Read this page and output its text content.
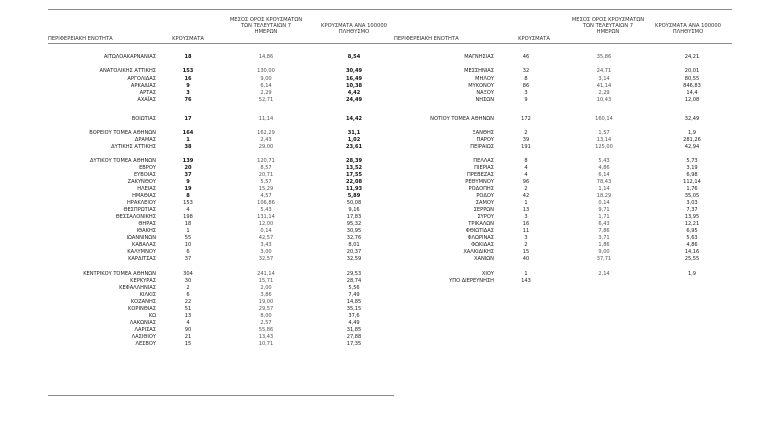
ΠΕΡΙΦΕΡΕΙΑΚΗ ΕΝΟΤΗΤΑ	ΚΡΟΥΣΜΑΤΑ
ΜΕΣΟΣ ΟΡΟΣ ΚΡΟΥΣΜΑΤΩΝ
ΤΩΝ ΤΕΛΕΥΤΑΙΩΝ 7
ΗΜΕΡΩΝ
ΚΡΟΥΣΜΑΤΑ ΑΝΑ 100000
ΠΛΗΘΥΣΜΟ
ΠΕΡΙΦΕΡΕΙΑΚΗ ΕΝΟΤΗΤΑ	ΚΡΟΥΣΜΑΤΑ
ΜΕΣΟΣ ΟΡΟΣ ΚΡΟΥΣΜΑΤΩΝ
ΤΩΝ ΤΕΛΕΥΤΑΙΩΝ 7
ΗΜΕΡΩΝ
ΚΡΟΥΣΜΑΤΑ ΑΝΑ 100000
ΠΛΗΘΥΣΜΟ
ΑΙΤΩΛΟΑΚΑΡΝΑΝΙΑΣ	18	14,86	8,54
ΑΝΑΤΟΛΙΚΗΣ ΑΤΤΙΚΗΣ	153	130,00	30,49
ΑΡΓΟΛΙΔΑΣ	16	9,00	16,49
ΑΡΚΑΔΙΑΣ	9	6,14	10,38
ΑΡΤΑΣ	3	2,29	4,42
ΑΧΑΪΑΣ	76	52,71	24,49
ΒΟΙΩΤΙΑΣ	17	11,14	14,42
ΒΟΡΕΙΟΥ ΤΟΜΕΑ ΑΘΗΝΩΝ	164	162,29	31,1
ΔΡΑΜΑΣ	1	2,43	1,02
ΔΥΤΙΚΗΣ ΑΤΤΙΚΗΣ	38	29,00	23,61
ΔΥΤΙΚΟΥ ΤΟΜΕΑ ΑΘΗΝΩΝ	139	120,71	28,39
ΕΒΡΟΥ	20	8,57	13,52
ΕΥΒΟΙΑΣ	37	20,71	17,55
ΖΑΚΥΝΘΟΥ	9	5,57	22,08
ΗΛΕΙΑΣ	19	15,29	11,93
ΗΜΑΘΙΑΣ	8	4,57	5,89
ΗΡΑΚΛΕΙΟΥ	153	106,86	50,08
ΘΕΣΠΡΩΤΙΑΣ	4	5,43	9,16
ΘΕΣΣΑΛΟΝΙΚΗΣ	198	131,14	17,83
ΘΗΡΑΣ	18	12,00	95,32
ΙΘΑΚΗΣ	1	0,14	30,95
ΙΩΑΝΝΙΝΩΝ	55	42,57	32,76
ΚΑΒΑΛΑΣ	10	3,43	8,01
ΚΑΛΥΜΝΟΥ	6	3,00	20,37
ΚΑΡΔΙΤΣΑΣ	37	32,57	32,59
ΚΕΝΤΡΙΚΟΥ ΤΟΜΕΑ ΑΘΗΝΩΝ	304	241,14	29,53
ΚΕΡΚΥΡΑΣ	30	15,71	28,74
ΚΕΦΑΛΛΗΝΙΑΣ	2	2,00	5,56
ΚΙΛΚΙΣ	6	3,86	7,49
ΚΟΖΑΝΗΣ	22	19,00	14,85
ΚΟΡΙΝΘΙΑΣ	51	29,57	35,15
ΚΩ	13	8,00	37,6
ΛΑΚΩΝΙΑΣ	4	2,57	4,49
ΛΑΡΙΣΑΣ	90	55,86	31,85
ΛΑΣΙΘΙΟΥ	21	13,43	27,88
ΛΕΣΒΟΥ	15	10,71	17,35
ΜΑΓΝΗΣΙΑΣ	46	35,86	24,21
ΜΕΣΣΗΝΙΑΣ	32	24,71	20,01
ΜΗΛΟΥ	8	3,14	80,55
ΜΥΚΟΝΟΥ	86	41,14	846,83
ΝΑΞΟΥ	3	2,29	14,4
ΝΗΣΩΝ	9	10,43	12,08
ΝΟΤΙΟΥ ΤΟΜΕΑ ΑΘΗΝΩΝ	172	160,14	32,49
ΞΑΝΘΗΣ	2	1,57	1,9
ΠΑΡΟΥ	39	13,14	281,26
ΠΕΙΡΑΙΩΣ	191	125,00	42,94
ΠΕΛΛΑΣ	8	5,43	5,73
ΠΙΕΡΙΑΣ	4	4,86	3,19
ΠΡΕΒΕΖΑΣ	4	6,14	6,98
ΡΕΘΥΜΝΟΥ	96	78,43	112,14
ΡΟΔΟΠΗΣ	2	1,14	1,76
ΡΟΔΟΥ	42	18,29	35,05
ΣΑΜΟΥ	1	0,14	3,03
ΣΕΡΡΩΝ	13	9,71	7,37
ΣΥΡΟΥ	3	1,71	13,95
ΤΡΙΚΑΛΩΝ	16	6,43	12,21
ΦΘΙΩΤΙΔΑΣ	11	7,86	6,95
ΦΛΩΡΙΝΑΣ	3	3,71	5,63
ΦΩΚΙΔΑΣ	2	1,86	4,86
ΧΑΛΚΙΔΙΚΗΣ	15	9,00	14,16
ΧΑΝΙΩΝ	40	37,71	25,55
ΧΙΟΥ	1	2,14	1,9
ΥΠΟ ΔΙΕΡΕΥΝΗΣΗ	143
